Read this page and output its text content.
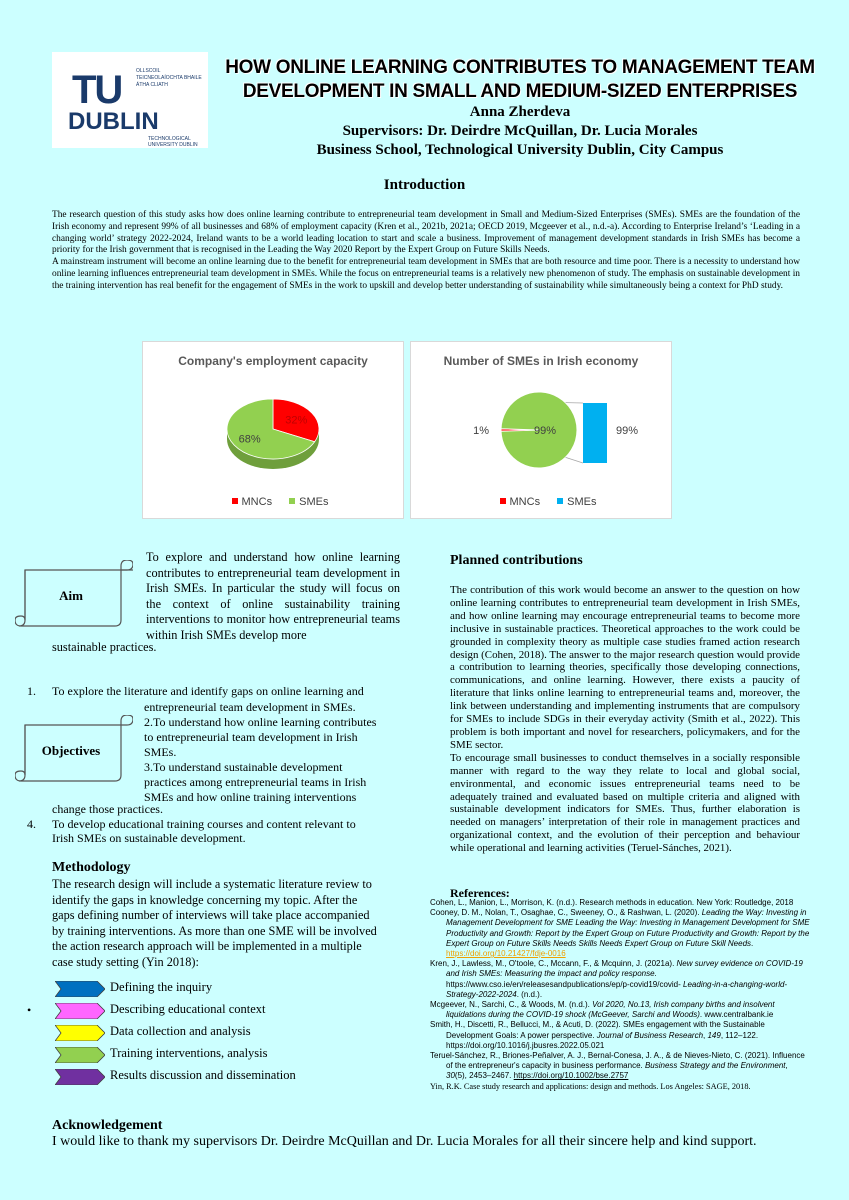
TU	OLLSCOIL TEICNEOLAÍOCHTA BHAILE ÁTHA CLIATH
DUBLIN
TECHNOLOGICAL UNIVERSITY DUBLIN
HOW ONLINE LEARNING CONTRIBUTES TO MANAGEMENT TEAM DEVELOPMENT IN SMALL AND MEDIUM-SIZED ENTERPRISES
Anna Zherdeva
Supervisors: Dr. Deirdre McQuillan, Dr. Lucia Morales
Business School, Technological University Dublin, City Campus
Introduction

The research question of this study asks how does online learning contribute to entrepreneurial team development in Small and Medium-Sized Enterprises (SMEs). SMEs are the foundation of the Irish economy and represent 99% of all businesses and 68% of employment capacity (Kren et al., 2021b, 2021a; OECD 2019, Mcgeever et al., n.d.-a). According to Enterprise Ireland’s ‘Leading in a changing world’ strategy 2022-2024, Ireland wants to be a world leading location to start and scale a business. Improvement of management development standards in Irish SMEs has become a priority for the Irish government that is recognised in the Leading the Way 2020 Report by the Expert Group on Future Skills Needs.

A mainstream instrument will become an online learning due to the benefit for entrepreneurial team development in SMEs that are both resource and time poor. There is a necessity to understand how online learning influences entrepreneurial team development in SMEs. While the focus on entrepreneurial teams is a relatively new phenomenon of study. The emphasis on sustainable development in the training intervention has real benefit for the engagement of SMEs in the work to upskill and develop better understanding of sustainability while simultaneously being a context for PhD study.

Company's employment capacity
32%
68%
MNCs SMEs
Number of SMEs in Irish economy
1%	99%	99%
MNCs SMEs
Aim
To explore and understand how online learning contributes to entrepreneurial team development in Irish SMEs. In particular the study will focus on the context of online sustainability training interventions to monitor how entrepreneurial teams within Irish SMEs develop more
sustainable practices.
Objectives
1. To explore the literature and identify gaps on online learning and
entrepreneurial team development in SMEs.
2.To understand how online learning contributes
to entrepreneurial team development in Irish
SMEs.
3.To understand sustainable development
practices among entrepreneurial teams in Irish
SMEs and how online training interventions
change those practices.
4. To develop educational training courses and content relevant to
Irish SMEs on sustainable development.
Methodology
The research design will include a systematic literature review to identify the gaps in knowledge concerning my topic. After the gaps defining number of interviews will take place accompanied by training interventions. As more than one SME will be involved the action research approach will be implemented in a multiple case study setting (Yin 2018):
•
Defining the inquiry
Describing educational context
Data collection and analysis
Training interventions, analysis
Results discussion and dissemination
Planned contributions

The contribution of this work would become an answer to the question on how online learning contributes to entrepreneurial team development in Irish SMEs, and how online learning may encourage entrepreneurial teams to become more inclusive in sustainable practices. Theoretical approaches to the work could be grounded in complexity theory as multiple case studies framed action research design (Cohen, 2018). The answer to the major research question would provide a contribution to learning theories, specifically those developing connections, communications, and online learning. However, there exists a paucity of literature that links online learning to entrepreneurial teams and, moreover, the link between understanding and implementing instruments that are compulsory for SMEs to include SDGs in their everyday activity (Smith et al., 2022). This problem is both important and novel for researchers, policymakers, and for the SME sector.

To encourage small businesses to conduct themselves in a socially responsible manner with regard to the way they relate to local and global social, environmental, and economic issues entrepreneurial teams need to be adequately trained and evaluated based on multiple criteria and aligned with sustainable development indicators for SMEs. Thus, further elaboration is needed on managers’ interpretation of their role in management practices and organizational context, and the evolution of their perception and behaviour while operational and learning activities (Teruel-Sánches, 2021).

References:
Cohen, L., Manion, L., Morrison, K. (n.d.). Research methods in education. New York: Routledge, 2018
Cooney, D. M., Nolan, T., Osaghae, C., Sweeney, O., & Rashwan, L. (2020). Leading the Way: Investing in Management Development for SME Leading the Way: Investing in Management Development for SME Productivity and Growth: Report by the Expert Group on Future Productivity and Growth: Report by the Expert Group on Future Skills Needs Skills Needs Expert Group on Future Skill Needs. https://doi.org/10.21427/fdje-0016
Kren, J., Lawless, M., O'toole, C., Mccann, F., & Mcquinn, J. (2021a). New survey evidence on COVID-19 and Irish SMEs: Measuring the impact and policy response. https://www.cso.ie/en/releasesandpublications/ep/p-covid19/covid- Leading-in-a-changing-world-Strategy-2022-2024. (n.d.).
Mcgeever, N., Sarchi, C., & Woods, M. (n.d.). Vol 2020, No.13, Irish company births and insolvent liquidations during the COVID-19 shock (McGeever, Sarchi and Woods). www.centralbank.ie
Smith, H., Discetti, R., Bellucci, M., & Acuti, D. (2022). SMEs engagement with the Sustainable Development Goals: A power perspective. Journal of Business Research, 149, 112–122. https://doi.org/10.1016/j.jbusres.2022.05.021
Teruel-Sánchez, R., Briones-Peñalver, A. J., Bernal-Conesa, J. A., & de Nieves-Nieto, C. (2021). Influence of the entrepreneur's capacity in business performance. Business Strategy and the Environment, 30(5), 2453–2467. https://doi.org/10.1002/bse.2757
Yin, R.K. Case study research and applications: design and methods. Los Angeles: SAGE, 2018.
Acknowledgement
I would like to thank my supervisors Dr. Deirdre McQuillan and Dr. Lucia Morales for all their sincere help and kind support.
